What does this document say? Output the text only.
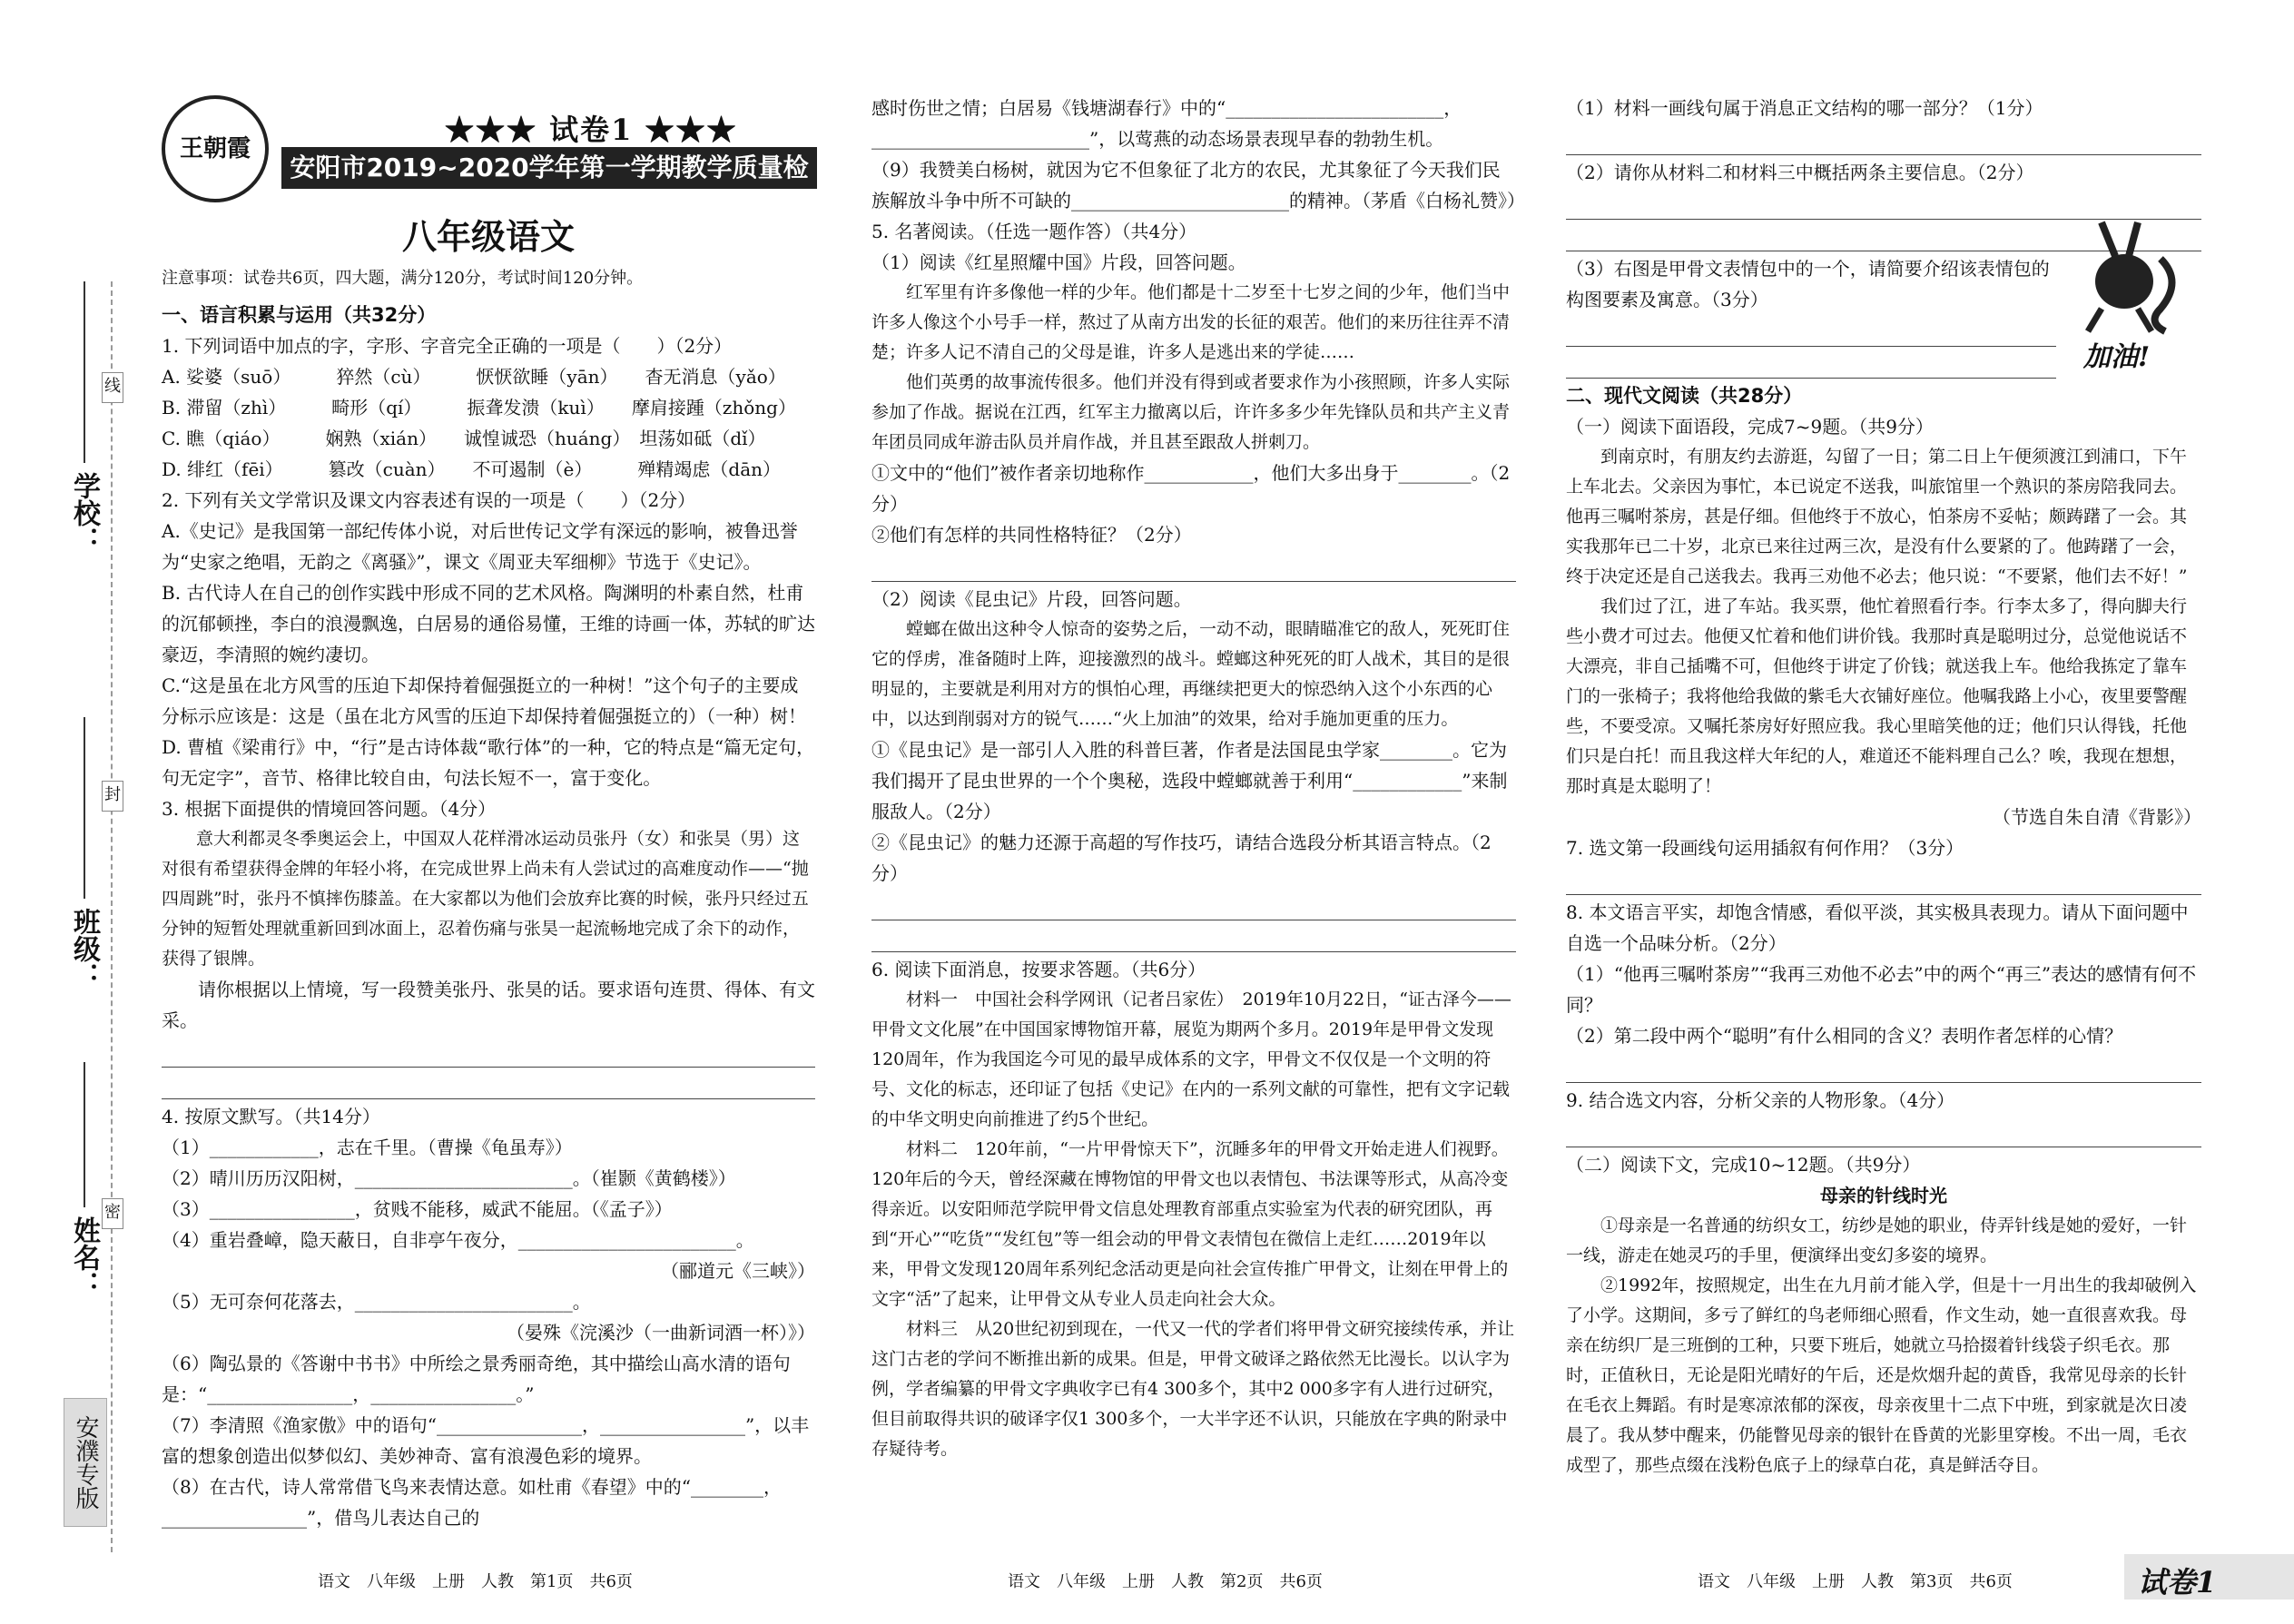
学校：
班级：
姓名：
线
封
密
安濮专版
王朝霞
★★★ 试卷1 ★★★
安阳市2019~2020学年第一学期教学质量检测试卷
八年级语文
注意事项：试卷共6页，四大题，满分120分，考试时间120分钟。

一、语言积累与运用（共32分）

1. 下列词语中加点的字，字形、字音完全正确的一项是（　　）（2分）

A. 娑婆（suō）　　　猝然（cù）　　　恹恹欲睡（yān）　　杳无消息（yǎo）

B. 滞留（zhì）　　　畸形（qí）　　　振聋发溃（kuì）　　摩肩接踵（zhǒng）

C. 瞧（qiáo）　　　娴熟（xián）　　诚惶诚恐（huáng）　坦荡如砥（dǐ）

D. 绯红（fēi）　　　篡改（cuàn）　　不可遏制（è）　　　殚精竭虑（dān）

2. 下列有关文学常识及课文内容表述有误的一项是（　　）（2分）

A.《史记》是我国第一部纪传体小说，对后世传记文学有深远的影响，被鲁迅誉为“史家之绝唱，无韵之《离骚》”，课文《周亚夫军细柳》节选于《史记》。

B. 古代诗人在自己的创作实践中形成不同的艺术风格。陶渊明的朴素自然，杜甫的沉郁顿挫，李白的浪漫飘逸，白居易的通俗易懂，王维的诗画一体，苏轼的旷达豪迈，李清照的婉约凄切。

C.“这是虽在北方风雪的压迫下却保持着倔强挺立的一种树！”这个句子的主要成分标示应该是：这是（虽在北方风雪的压迫下却保持着倔强挺立的）（一种）树！

D. 曹植《梁甫行》中，“行”是古诗体裁“歌行体”的一种，它的特点是“篇无定句，句无定字”，音节、格律比较自由，句法长短不一，富于变化。

3. 根据下面提供的情境回答问题。（4分）

意大利都灵冬季奥运会上，中国双人花样滑冰运动员张丹（女）和张昊（男）这对很有希望获得金牌的年轻小将，在完成世界上尚未有人尝试过的高难度动作——“抛四周跳”时，张丹不慎摔伤膝盖。在大家都以为他们会放弃比赛的时候，张丹只经过五分钟的短暂处理就重新回到冰面上，忍着伤痛与张昊一起流畅地完成了余下的动作，获得了银牌。

请你根据以上情境，写一段赞美张丹、张昊的话。要求语句连贯、得体、有文采。

4. 按原文默写。（共14分）

（1）____________，志在千里。（曹操《龟虽寿》）

（2）晴川历历汉阳树，________________________。（崔颢《黄鹤楼》）

（3）________________，贫贱不能移，威武不能屈。（《孟子》）

（4）重岩叠嶂，隐天蔽日，自非亭午夜分，________________________。

（郦道元《三峡》）

（5）无可奈何花落去，________________________。

（晏殊《浣溪沙（一曲新词酒一杯）》）

（6）陶弘景的《答谢中书书》中所绘之景秀丽奇绝，其中描绘山高水清的语句是：“________________，________________。”

（7）李清照《渔家傲》中的语句“________________，________________”，以丰富的想象创造出似梦似幻、美妙神奇、富有浪漫色彩的境界。

（8）在古代，诗人常常借飞鸟来表情达意。如杜甫《春望》中的“________，________________”，借鸟儿表达自己的

感时伤世之情；白居易《钱塘湖春行》中的“________________________，________________________”，以莺燕的动态场景表现早春的勃勃生机。

（9）我赞美白杨树，就因为它不但象征了北方的农民，尤其象征了今天我们民族解放斗争中所不可缺的________________________的精神。（茅盾《白杨礼赞》）

5. 名著阅读。（任选一题作答）（共4分）

（1）阅读《红星照耀中国》片段，回答问题。

红军里有许多像他一样的少年。他们都是十二岁至十七岁之间的少年，他们当中许多人像这个小号手一样，熬过了从南方出发的长征的艰苦。他们的来历往往弄不清楚；许多人记不清自己的父母是谁，许多人是逃出来的学徒……

他们英勇的故事流传很多。他们并没有得到或者要求作为小孩照顾，许多人实际参加了作战。据说在江西，红军主力撤离以后，许许多多少年先锋队员和共产主义青年团员同成年游击队员并肩作战，并且甚至跟敌人拼刺刀。

①文中的“他们”被作者亲切地称作____________，他们大多出身于________。（2分）

②他们有怎样的共同性格特征？（2分）

（2）阅读《昆虫记》片段，回答问题。

螳螂在做出这种令人惊奇的姿势之后，一动不动，眼睛瞄准它的敌人，死死盯住它的俘虏，准备随时上阵，迎接激烈的战斗。螳螂这种死死的盯人战术，其目的是很明显的，主要就是利用对方的惧怕心理，再继续把更大的惊恐纳入这个小东西的心中，以达到削弱对方的锐气……“火上加油”的效果，给对手施加更重的压力。

①《昆虫记》是一部引人入胜的科普巨著，作者是法国昆虫学家________。它为我们揭开了昆虫世界的一个个奥秘，选段中螳螂就善于利用“____________”来制服敌人。（2分）

②《昆虫记》的魅力还源于高超的写作技巧，请结合选段分析其语言特点。（2分）

6. 阅读下面消息，按要求答题。（共6分）

材料一　中国社会科学网讯（记者吕家佐）　2019年10月22日，“证古泽今——甲骨文文化展”在中国国家博物馆开幕，展览为期两个多月。2019年是甲骨文发现120周年，作为我国迄今可见的最早成体系的文字，甲骨文不仅仅是一个文明的符号、文化的标志，还印证了包括《史记》在内的一系列文献的可靠性，把有文字记载的中华文明史向前推进了约5个世纪。

材料二　120年前，“一片甲骨惊天下”，沉睡多年的甲骨文开始走进人们视野。120年后的今天，曾经深藏在博物馆的甲骨文也以表情包、书法课等形式，从高冷变得亲近。以安阳师范学院甲骨文信息处理教育部重点实验室为代表的研究团队，再到“开心”“吃货”“发红包”等一组会动的甲骨文表情包在微信上走红……2019年以来，甲骨文发现120周年系列纪念活动更是向社会宣传推广甲骨文，让刻在甲骨上的文字“活”了起来，让甲骨文从专业人员走向社会大众。

材料三　从20世纪初到现在，一代又一代的学者们将甲骨文研究接续传承，并让这门古老的学问不断推出新的成果。但是，甲骨文破译之路依然无比漫长。以认字为例，学者编纂的甲骨文字典收字已有4 300多个，其中2 000多字有人进行过研究，但目前取得共识的破译字仅1 300多个，一大半字还不认识，只能放在字典的附录中存疑待考。

（1）材料一画线句属于消息正文结构的哪一部分？（1分）

（2）请你从材料二和材料三中概括两条主要信息。（2分）

（3）右图是甲骨文表情包中的一个，请简要介绍该表情包的构图要素及寓意。（3分）

二、现代文阅读（共28分）

（一）阅读下面语段，完成7~9题。（共9分）

到南京时，有朋友约去游逛，勾留了一日；第二日上午便须渡江到浦口，下午上车北去。父亲因为事忙，本已说定不送我，叫旅馆里一个熟识的茶房陪我同去。他再三嘱咐茶房，甚是仔细。但他终于不放心，怕茶房不妥帖；颇踌躇了一会。其实我那年已二十岁，北京已来往过两三次，是没有什么要紧的了。他踌躇了一会，终于决定还是自己送我去。我再三劝他不必去；他只说：“不要紧，他们去不好！”

我们过了江，进了车站。我买票，他忙着照看行李。行李太多了，得向脚夫行些小费才可过去。他便又忙着和他们讲价钱。我那时真是聪明过分，总觉他说话不大漂亮，非自己插嘴不可，但他终于讲定了价钱；就送我上车。他给我拣定了靠车门的一张椅子；我将他给我做的紫毛大衣铺好座位。他嘱我路上小心，夜里要警醒些，不要受凉。又嘱托茶房好好照应我。我心里暗笑他的迂；他们只认得钱，托他们只是白托！而且我这样大年纪的人，难道还不能料理自己么？唉，我现在想想，那时真是太聪明了！

（节选自朱自清《背影》）

7. 选文第一段画线句运用插叙有何作用？（3分）

8. 本文语言平实，却饱含情感，看似平淡，其实极具表现力。请从下面问题中自选一个品味分析。（2分）

（1）“他再三嘱咐茶房”“我再三劝他不必去”中的两个“再三”表达的感情有何不同？

（2）第二段中两个“聪明”有什么相同的含义？表明作者怎样的心情？

9. 结合选文内容，分析父亲的人物形象。（4分）

（二）阅读下文，完成10~12题。（共9分）

母亲的针线时光

①母亲是一名普通的纺织女工，纺纱是她的职业，侍弄针线是她的爱好，一针一线，游走在她灵巧的手里，便演绎出变幻多姿的境界。

②1992年，按照规定，出生在九月前才能入学，但是十一月出生的我却破例入了小学。这期间，多亏了鲜红的鸟老师细心照看，作文生动，她一直很喜欢我。母亲在纺织厂是三班倒的工种，只要下班后，她就立马拾掇着针线袋子织毛衣。那时，正值秋日，无论是阳光晴好的午后，还是炊烟升起的黄昏，我常见母亲的长针在毛衣上舞蹈。有时是寒凉浓郁的深夜，母亲夜里十二点下中班，到家就是次日凌晨了。我从梦中醒来，仍能瞥见母亲的银针在昏黄的光影里穿梭。不出一周，毛衣成型了，那些点缀在浅粉色底子上的绿草白花，真是鲜活夺目。

加油!
语文　八年级　上册　人教　第1页　共6页	语文　八年级　上册　人教　第2页　共6页	语文　八年级　上册　人教　第3页　共6页	试卷1
